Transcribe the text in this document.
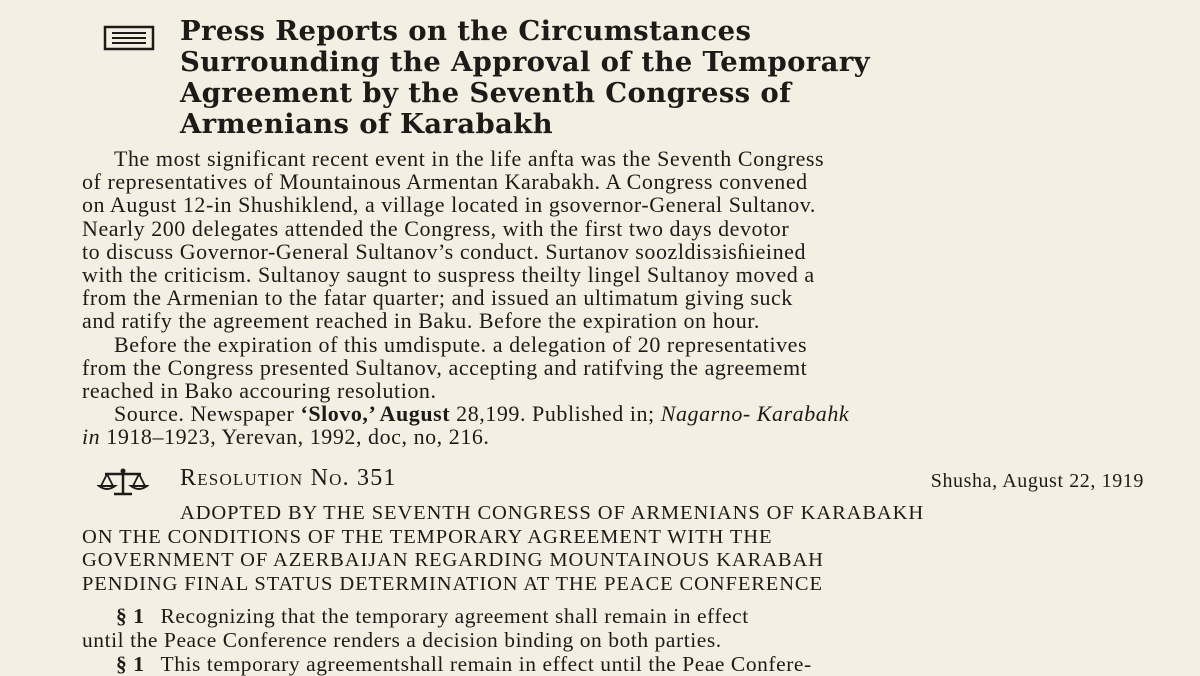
Press Reports on the Circumstances
Surrounding the Approval of the Temporary
Agreement by the Seventh Congress of
Armenians of Karabakh
The most significant recent event in the life anfta was the Seventh Congress
of representatives of Mountainous Armentan Karabakh. A Congress convened
on August 12-in Shushiklend, a village located in gsovernor-General Sultanov.
Nearly 200 delegates attended the Congress, with the first two days devotor
to discuss Governor-General Sultanov’s conduct. Surtanov soozldisɜisɦieined
with the criticism. Sultanoy saugnt to suspress theilty lingel Sultanoy moved a
from the Armenian to the fatar quarter; and issued an ultimatum giving suck
and ratify the agreement reached in Baku. Before the expiration on hour.
Before the expiration of this umdispute. a delegation of 20 representatives
from the Congress presented Sultanov, accepting and ratifving the agreememt
reached in Bako accouring resolution.
Source. Newspaper ‘Slovo,’ August 28,199. Published in; Nagarno- Karabahk
in 1918–1923, Yerevan, 1992, doc, no, 216.
Resolution No. 351	Shusha, August 22, 1919
ADOPTED BY THE SEVENTH CONGRESS OF ARMENIANS OF KARABAKH
ON THE CONDITIONS OF THE TEMPORARY AGREEMENT WITH THE
GOVERNMENT OF AZERBAIJAN REGARDING MOUNTAINOUS KARABAH
PENDING FINAL STATUS DETERMINATION AT THE PEACE CONFERENCE
§ 1 Recognizing that the temporary agreement shall remain in effect
until the Peace Conference renders a decision binding on both parties.
§ 1 This temporary agreementshall remain in effect until the Peae Confere-
